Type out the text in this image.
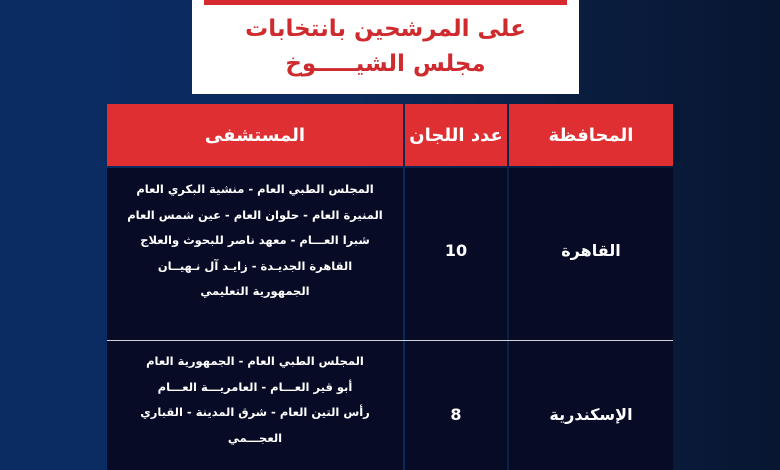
على المرشحين بانتخابات
مجلس الشيـــــوخ
المحافظة
عدد اللجان
المستشفى
القاهرة
10
المجلس الطبي العام - منشية البكري العام
المنيرة العام - حلوان العام - عين شمس العام
شبرا العـــام - معهد ناصر للبحوث والعلاج
القاهرة الجديـدة - زايـد آل نـهيــان
الجمهورية التعليمي
الإسكندرية
8
المجلس الطبي العام - الجمهورية العام
أبو قير العـــام - العامريـــة العـــام
رأس التين العام - شرق المدينة - القباري
العجـــمي
